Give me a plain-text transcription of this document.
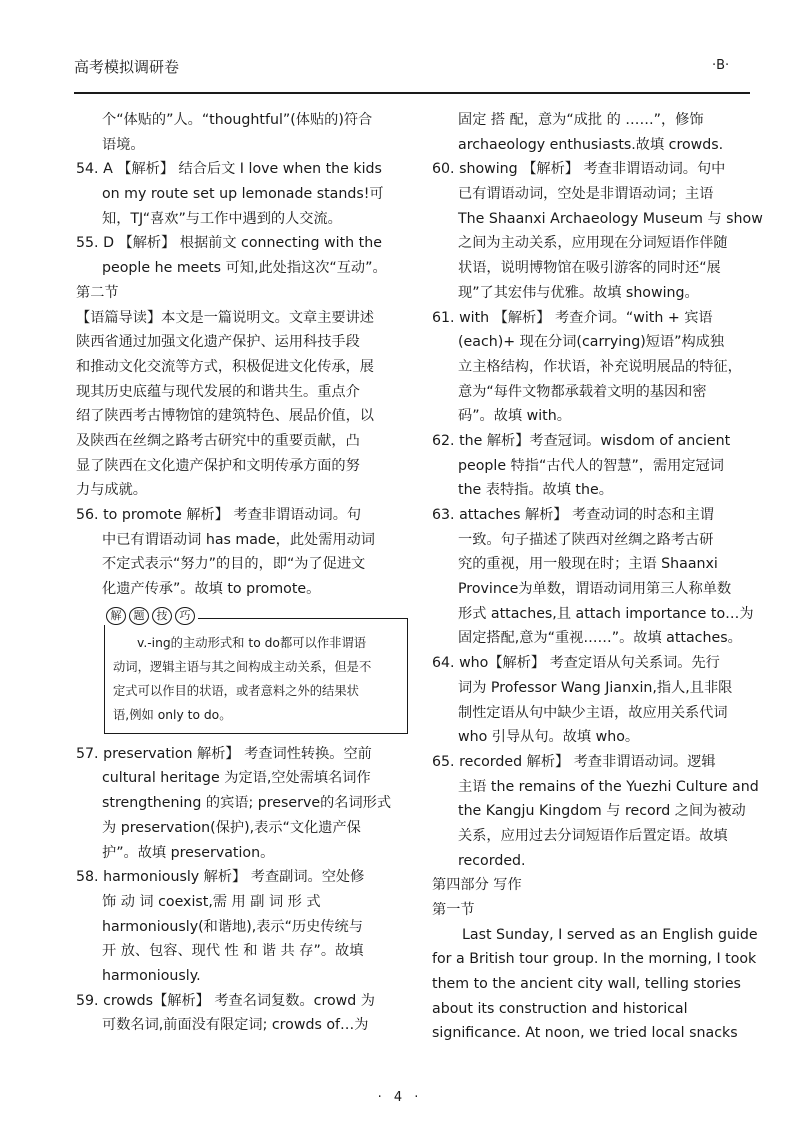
高考模拟调研卷	·B·
个“体贴的”人。“thoughtful”(体贴的)符合
语境。
54. A 【解析】 结合后文 I love when the kids
on my route set up lemonade stands!可
知，TJ“喜欢”与工作中遇到的人交流。
55. D 【解析】 根据前文 connecting with the
people he meets 可知,此处指这次“互动”。
第二节
【语篇导读】本文是一篇说明文。文章主要讲述
陕西省通过加强文化遗产保护、运用科技手段
和推动文化交流等方式，积极促进文化传承，展
现其历史底蕴与现代发展的和谐共生。重点介
绍了陕西考古博物馆的建筑特色、展品价值，以
及陕西在丝绸之路考古研究中的重要贡献，凸
显了陕西在文化遗产保护和文明传承方面的努
力与成就。
56. to promote 解析】 考查非谓语动词。句
中已有谓语动词 has made，此处需用动词
不定式表示“努力”的目的，即“为了促进文
化遗产传承”。故填 to promote。
解	题	技	巧
v.-ing的主动形式和 to do都可以作非谓语
动词，逻辑主语与其之间构成主动关系，但是不
定式可以作目的状语，或者意料之外的结果状
语,例如 only to do。
57. preservation 解析】 考查词性转换。空前
cultural heritage 为定语,空处需填名词作
strengthening 的宾语; preserve的名词形式
为 preservation(保护),表示“文化遗产保
护”。故填 preservation。
58. harmoniously 解析】 考查副词。空处修
饰 动 词 coexist,需 用 副 词 形 式
harmoniously(和谐地),表示“历史传统与
开 放、包容、现代 性 和 谐 共 存”。故填
harmoniously.
59. crowds【解析】 考查名词复数。crowd 为
可数名词,前面没有限定词; crowds of…为
固定 搭 配，意为“成批 的 ……”，修饰
archaeology enthusiasts.故填 crowds.
60. showing 【解析】 考查非谓语动词。句中
已有谓语动词，空处是非谓语动词；主语
The Shaanxi Archaeology Museum 与 show
之间为主动关系，应用现在分词短语作伴随
状语，说明博物馆在吸引游客的同时还“展
现”了其宏伟与优雅。故填 showing。
61. with 【解析】 考查介词。“with + 宾语
(each)+ 现在分词(carrying)短语”构成独
立主格结构，作状语，补充说明展品的特征，
意为“每件文物都承载着文明的基因和密
码”。故填 with。
62. the 解析】考查冠词。wisdom of ancient
people 特指“古代人的智慧”，需用定冠词
the 表特指。故填 the。
63. attaches 解析】 考查动词的时态和主谓
一致。句子描述了陕西对丝绸之路考古研
究的重视，用一般现在时；主语 Shaanxi
Province为单数，谓语动词用第三人称单数
形式 attaches,且 attach importance to…为
固定搭配,意为“重视……”。故填 attaches。
64. who【解析】 考查定语从句关系词。先行
词为 Professor Wang Jianxin,指人,且非限
制性定语从句中缺少主语，故应用关系代词
who 引导从句。故填 who。
65. recorded 解析】 考查非谓语动词。逻辑
主语 the remains of the Yuezhi Culture and
the Kangju Kingdom 与 record 之间为被动
关系，应用过去分词短语作后置定语。故填
recorded.
第四部分 写作
第一节
Last Sunday, I served as an English guide
for a British tour group. In the morning, I took
them to the ancient city wall, telling stories
about its construction and historical
significance. At noon, we tried local snacks
· 4 ·
